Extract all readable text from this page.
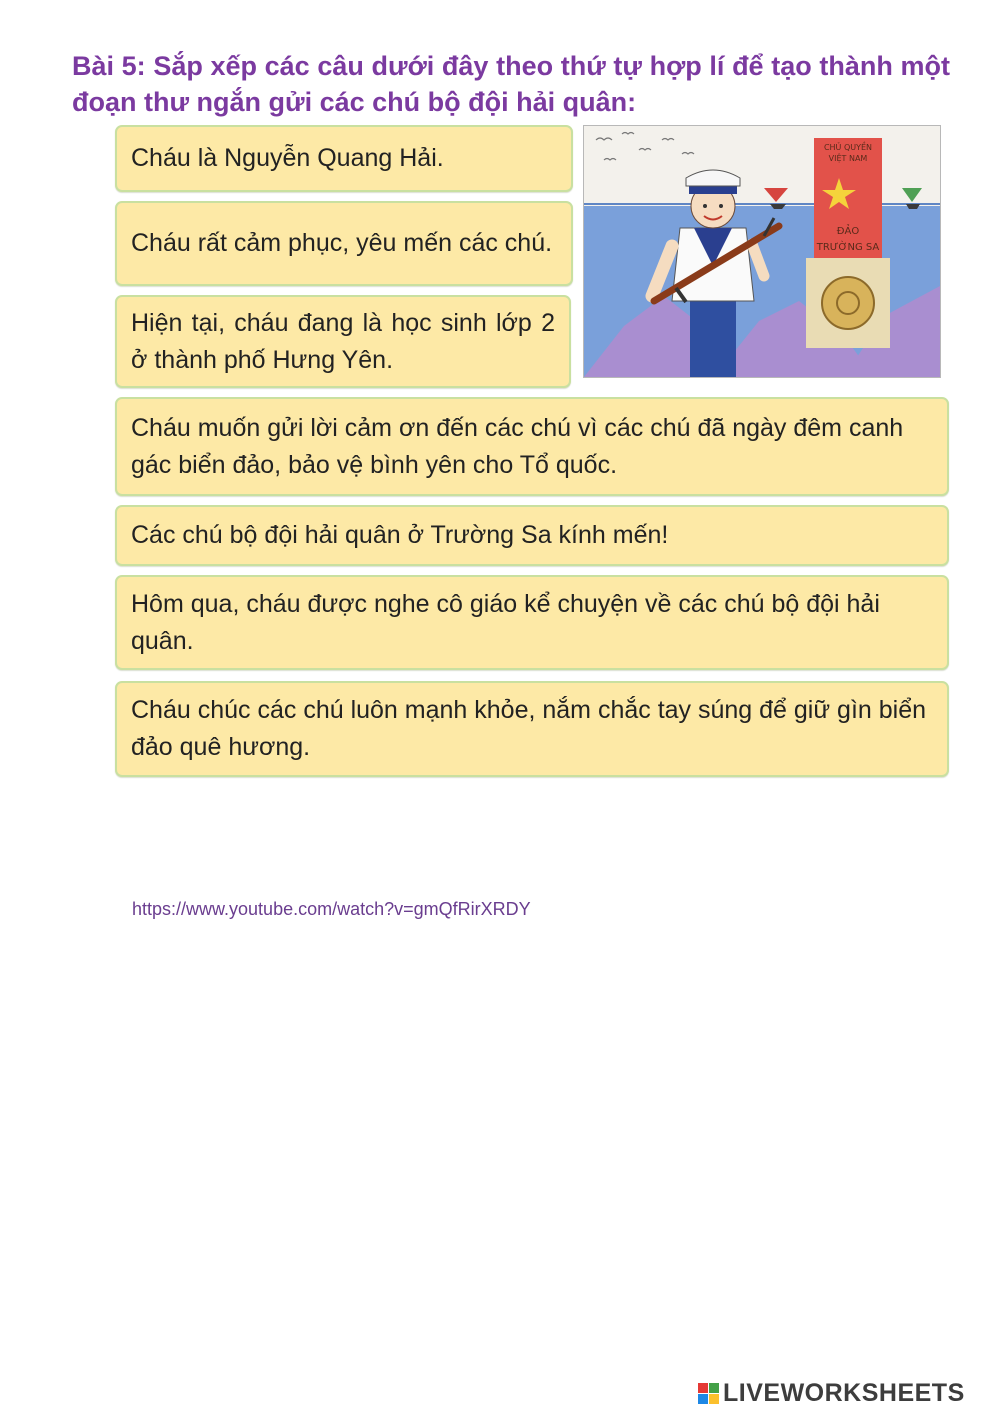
Bài 5: Sắp xếp các câu dưới đây theo thứ tự hợp lí để tạo thành một đoạn thư ngắn gửi các chú bộ đội hải quân:

Cháu là Nguyễn Quang Hải.
Cháu rất cảm phục, yêu mến các chú.
Hiện tại, cháu đang là học sinh lớp 2 ở thành phố Hưng Yên.
CHỦ QUYỀN
VIỆT NAM
ĐẢO
TRƯỜNG SA
Cháu muốn gửi lời cảm ơn đến các chú vì các chú đã ngày đêm canh gác biển đảo, bảo vệ bình yên cho Tổ quốc.
Các chú bộ đội hải quân ở Trường Sa kính mến!
Hôm qua, cháu được nghe cô giáo kể chuyện về các chú bộ đội hải quân.
Cháu chúc các chú luôn mạnh khỏe, nắm chắc tay súng để giữ gìn biển đảo quê hương.
https://www.youtube.com/watch?v=gmQfRirXRDY
LIVEWORKSHEETS
